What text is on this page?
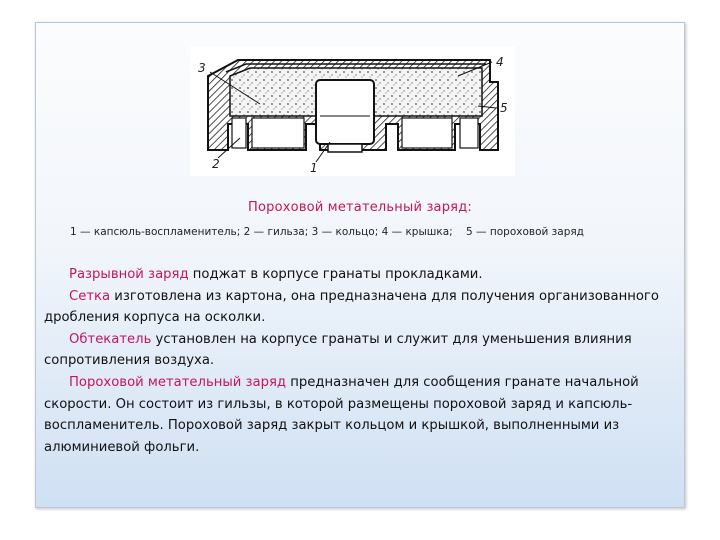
3	4
5
2	1
Пороховой метательный заряд:
1 — капсюль-воспламенитель; 2 — гильза; 3 — кольцо; 4 — крышка; 5 — пороховой заряд

Разрывной заряд поджат в корпусе гранаты прокладками.

Сетка изготовлена из картона, она предназначена для получения организованного дробления корпуса на осколки.

Обтекатель установлен на корпусе гранаты и служит для уменьшения влияния сопротивления воздуха.

Пороховой метательный заряд предназначен для сообщения гранате начальной скорости. Он состоит из гильзы, в которой размещены пороховой заряд и капсюль-воспламенитель. Пороховой заряд закрыт кольцом и крышкой, выполненными из алюминиевой фольги.
